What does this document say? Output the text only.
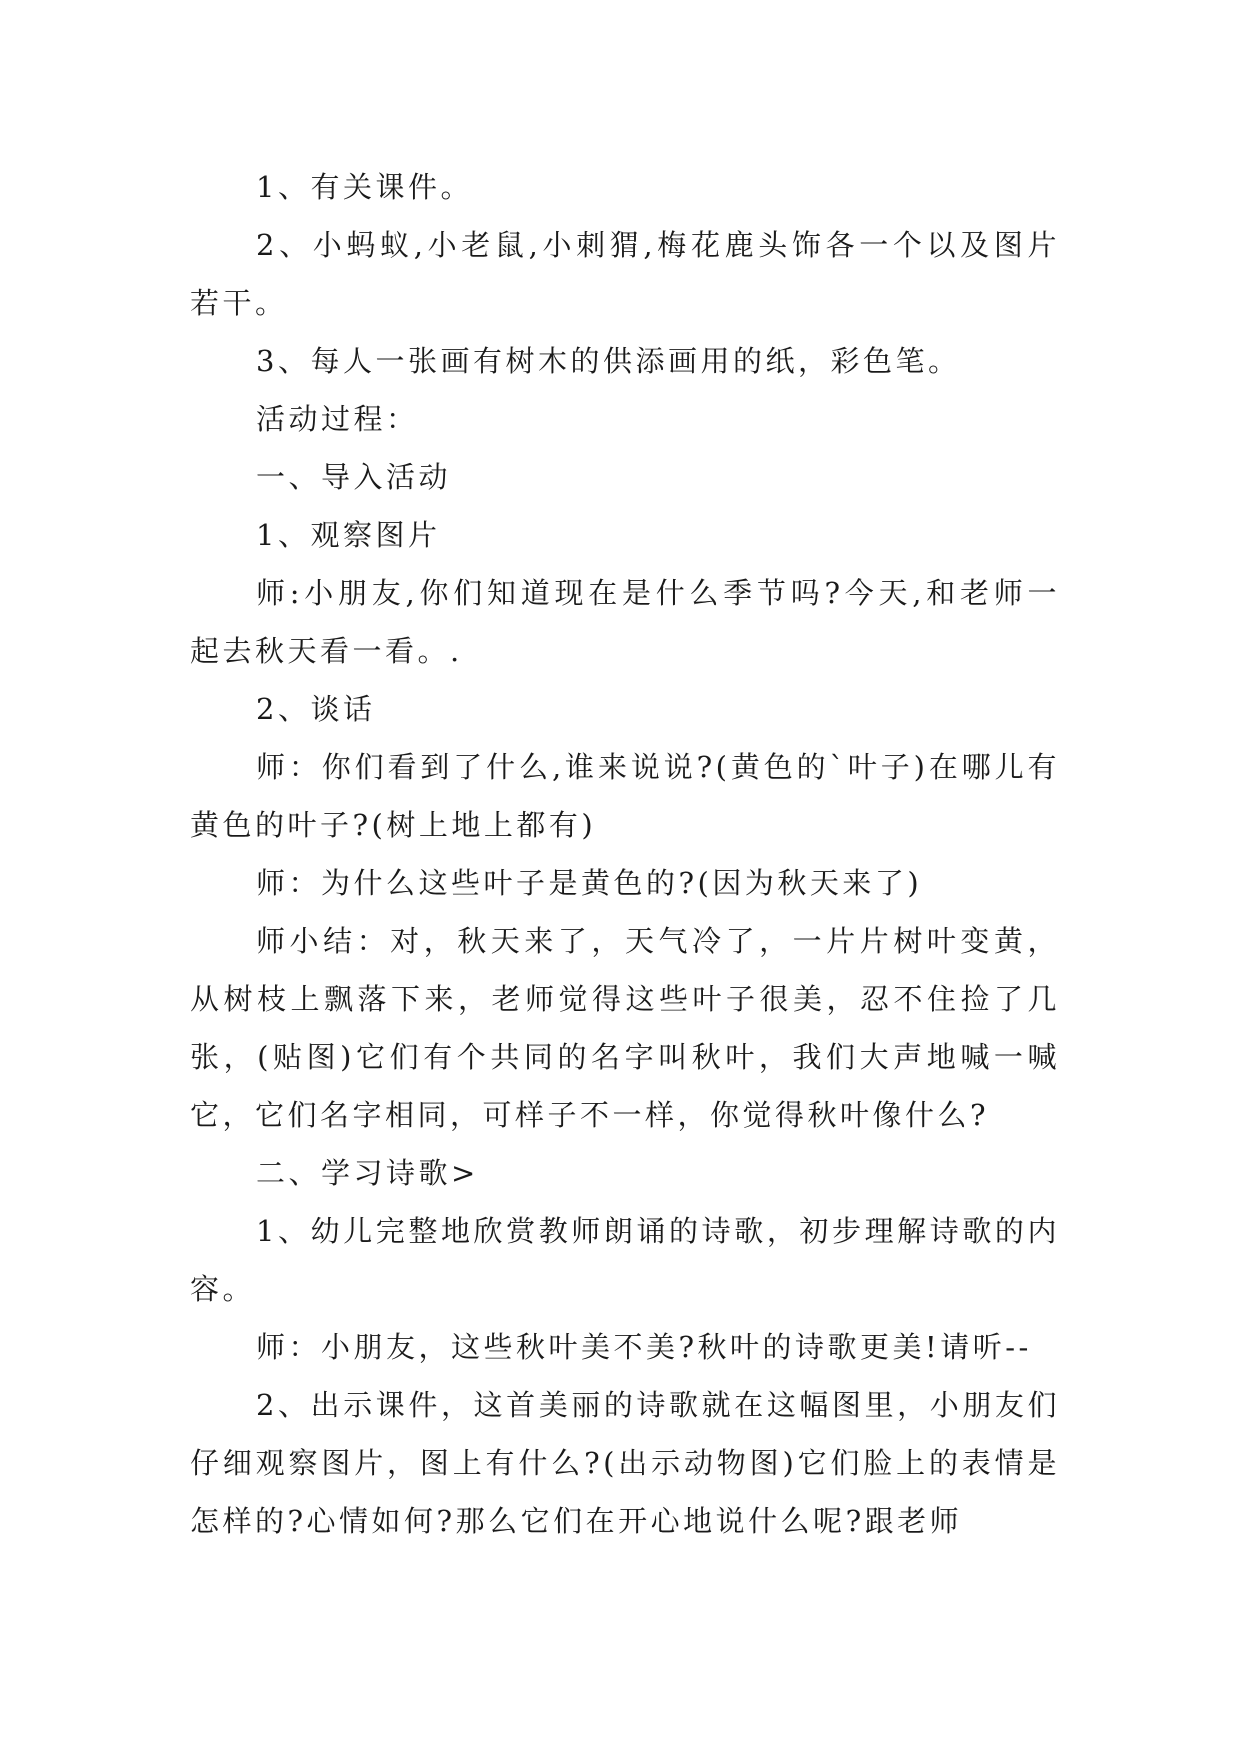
1、有关课件。

2、小蚂蚁,小老鼠,小刺猬,梅花鹿头饰各一个以及图片若干。

3、每人一张画有树木的供添画用的纸，彩色笔。

活动过程：

一、导入活动

1、观察图片

师:小朋友,你们知道现在是什么季节吗?今天,和老师一起去秋天看一看。.

2、谈话

师：你们看到了什么,谁来说说?(黄色的`叶子)在哪儿有黄色的叶子?(树上地上都有)

师：为什么这些叶子是黄色的?(因为秋天来了)

师小结：对，秋天来了，天气冷了，一片片树叶变黄，从树枝上飘落下来，老师觉得这些叶子很美，忍不住捡了几张，(贴图)它们有个共同的名字叫秋叶，我们大声地喊一喊它，它们名字相同，可样子不一样，你觉得秋叶像什么?

二、学习诗歌>

1、幼儿完整地欣赏教师朗诵的诗歌，初步理解诗歌的内容。

师：小朋友，这些秋叶美不美?秋叶的诗歌更美!请听--

2、出示课件，这首美丽的诗歌就在这幅图里，小朋友们仔细观察图片，图上有什么?(出示动物图)它们脸上的表情是怎样的?心情如何?那么它们在开心地说什么呢?跟老师
